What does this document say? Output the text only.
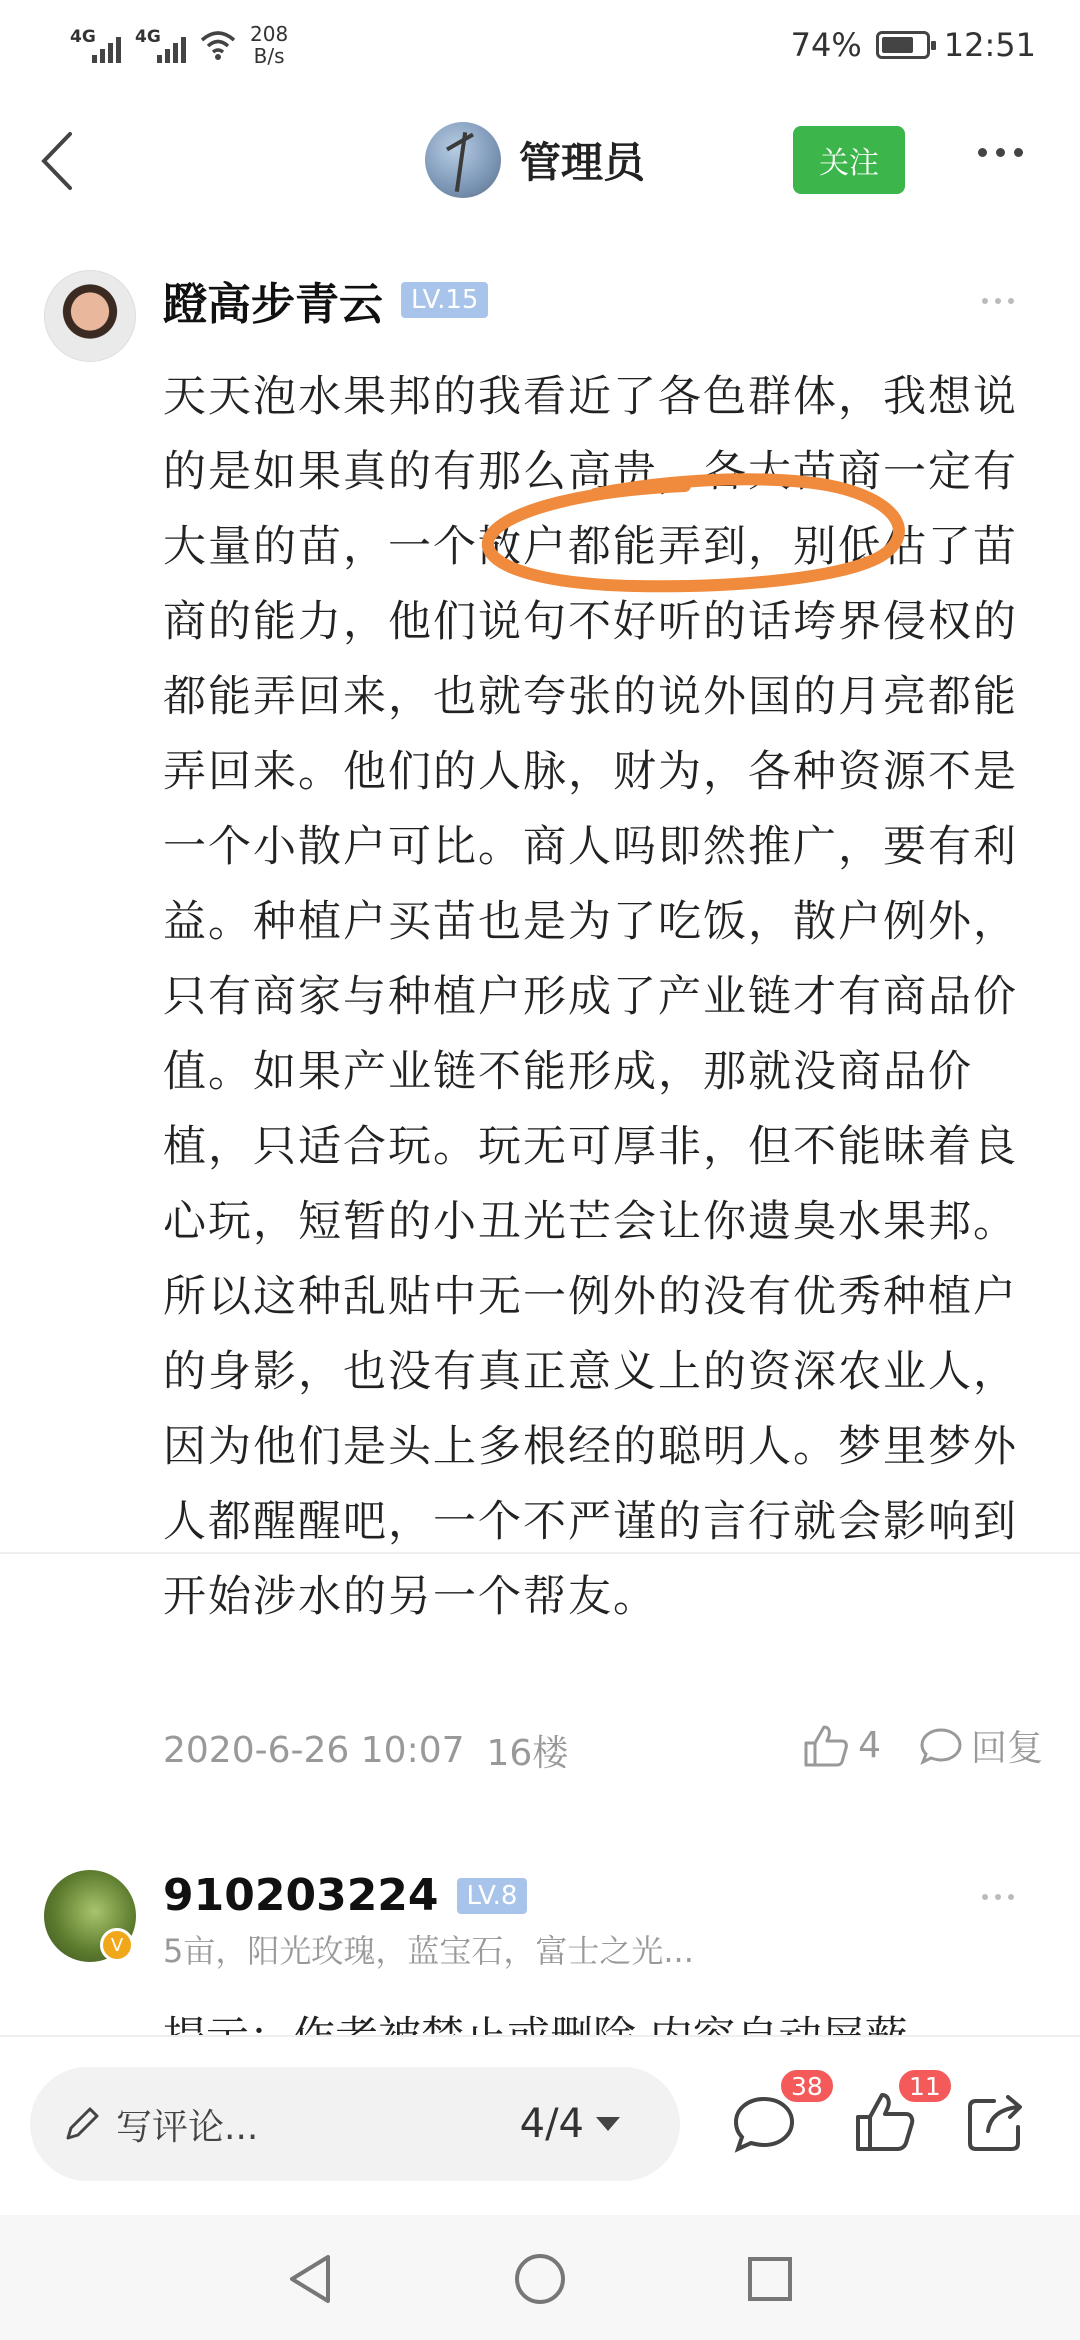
4G 4G	208
B/s	74%	12:51
管理员	关注
蹬高步青云	LV.15
天天泡水果邦的我看近了各色群体，我想说的是如果真的有那么高贵，各大苗商一定有大量的苗，一个散户都能弄到，别低估了苗商的能力，他们说句不好听的话垮界侵权的都能弄回来，也就夸张的说外国的月亮都能弄回来。他们的人脉，财为，各种资源不是一个小散户可比。商人吗即然推广，要有利益。种植户买苗也是为了吃饭，散户例外，只有商家与种植户形成了产业链才有商品价值。如果产业链不能形成，那就没商品价植，只适合玩。玩无可厚非，但不能昧着良心玩，短暂的小丑光芒会让你遗臭水果邦。所以这种乱贴中无一例外的没有优秀种植户的身影，也没有真正意义上的资深农业人，因为他们是头上多根经的聪明人。梦里梦外人都醒醒吧，一个不严谨的言行就会影响到开始涉水的另一个帮友。
2020-6-26 10:07 16楼	4	回复
V
910203224	LV.8
5亩，阳光玫瑰，蓝宝石，富士之光...
写评论...	4/4
38	11
